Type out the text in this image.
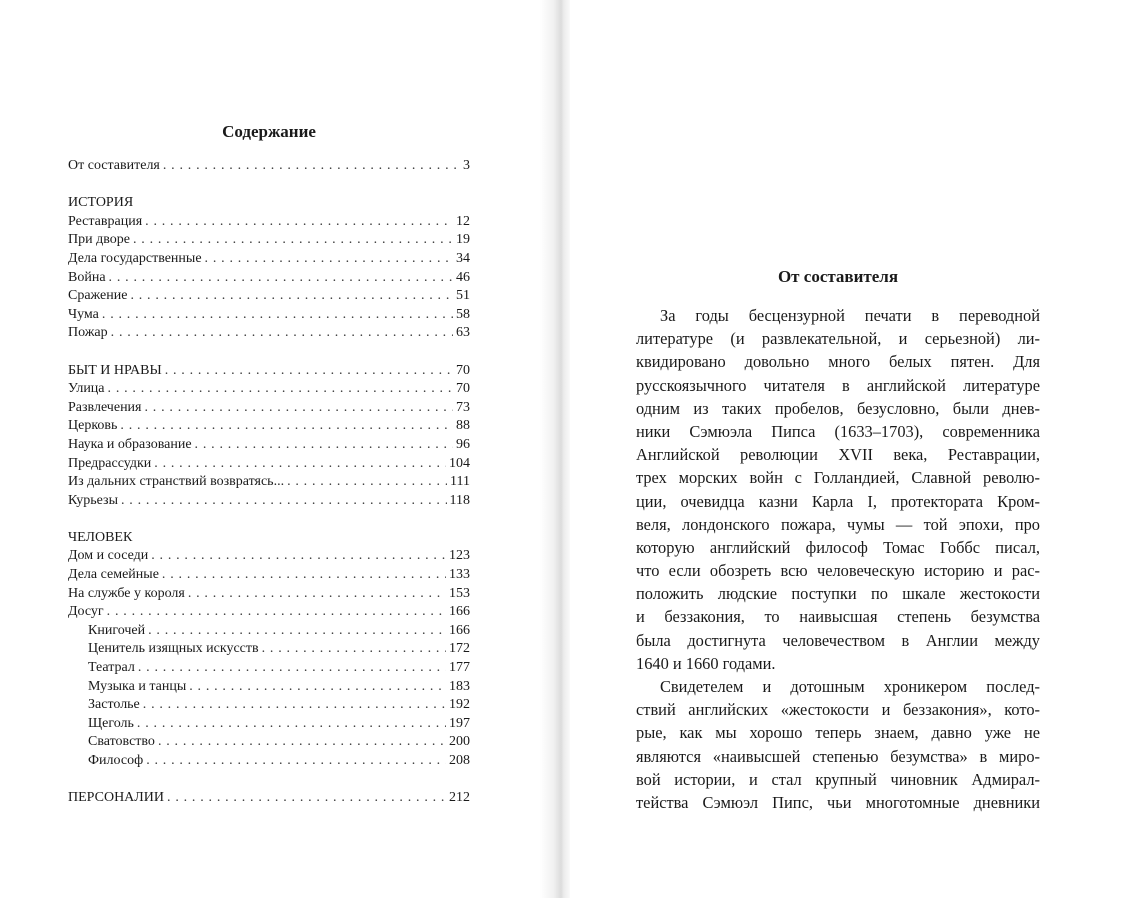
Содержание
От составителя . . .	3
ИСТОРИЯ
Реставрация . . .	12
При дворе . . .	19
Дела государственные . . .	34
Война . . .	46
Сражение . . .	51
Чума . . .	58
Пожар . . .	63
БЫТ И НРАВЫ . . .	70
Улица . . .	70
Развлечения . . .	73
Церковь . . .	88
Наука и образование . . .	96
Предрассудки . . .	104
Из дальних странствий возвратясь... . . .	111
Курьезы . . .	118
ЧЕЛОВЕК
Дом и соседи . . .	123
Дела семейные . . .	133
На службе у короля . . .	153
Досуг . . .	166
Книгочей . . .	166
Ценитель изящных искусств . . .	172
Театрал . . .	177
Музыка и танцы . . .	183
Застолье . . .	192
Щеголь . . .	197
Сватовство . . .	200
Философ . . .	208
ПЕРСОНАЛИИ . . .	212
От составителя
За годы бесцензурной печати в переводной
литературе (и развлекательной, и серьезной) ли-
квидировано довольно много белых пятен. Для
русскоязычного читателя в английской литературе
одним из таких пробелов, безусловно, были днев-
ники Сэмюэла Пипса (1633–1703), современника
Английской революции XVII века, Реставрации,
трех морских войн с Голландией, Славной револю-
ции, очевидца казни Карла I, протектората Кром-
веля, лондонского пожара, чумы — той эпохи, про
которую английский философ Томас Гоббс писал,
что если обозреть всю человеческую историю и рас-
положить людские поступки по шкале жестокости
и беззакония, то наивысшая степень безумства
была достигнута человечеством в Англии между
1640 и 1660 годами.
Свидетелем и дотошным хроникером послед-
ствий английских «жестокости и беззакония», кото-
рые, как мы хорошо теперь знаем, давно уже не
являются «наивысшей степенью безумства» в миро-
вой истории, и стал крупный чиновник Адмирал-
тейства Сэмюэл Пипс, чьи многотомные дневники
